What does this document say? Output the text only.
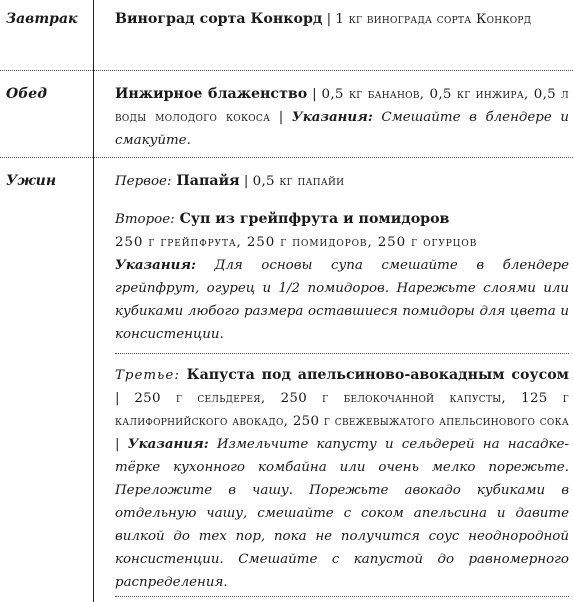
Завтрак	Виноград сорта Конкорд | 1 кг винограда сорта Конкорд
Обед	Инжирное блаженство | 0,5 кг бананов, 0,5 кг инжира, 0,5 л воды молодого кокоса | Указания: Смешайте в блендере и смакуйте.
Ужин	Первое: Папайя | 0,5 кг папайи
Второе: Суп из грейпфрута и помидоров
250 г грейпфрута, 250 г помидоров, 250 г огурцов
Указания: Для основы супа смешайте в блендере грейпфрут, огурец и 1/2 помидоров. Нарежьте слоями или кубиками любого размера оставшиеся помидоры для цвета и консистенции.
Третье: Капуста под апельсиново-авокадным соусом | 250 г сельдерея, 250 г белокочанной капусты, 125 г калифорнийского авокадо, 250 г свежевыжатого апельсинового сока | Указания: Измельчите капусту и сельдерей на насадке-тёрке кухонного комбайна или очень мелко порежьте. Переложите в чашу. Порежьте авокадо кубиками в отдельную чашу, смешайте с соком апельсина и давите вилкой до тех пор, пока не получится соус неоднородной консистенции. Смешайте с капустой до равномерного распределения.
